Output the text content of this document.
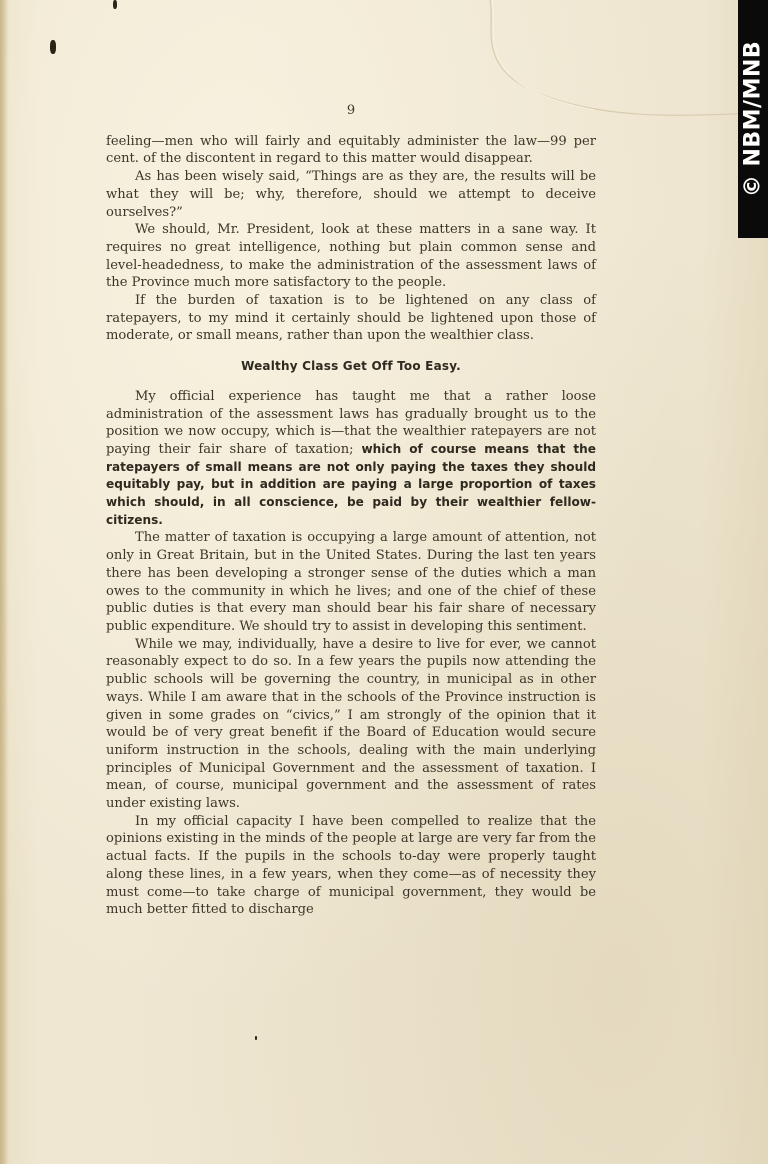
© NBM/MNB
9

feeling—men who will fairly and equitably administer the law—99 per cent. of the discontent in regard to this matter would disappear.

As has been wisely said, “Things are as they are, the results will be what they will be; why, therefore, should we attempt to deceive ourselves?”

We should, Mr. President, look at these matters in a sane way. It requires no great intelligence, nothing but plain common sense and level-headedness, to make the administration of the assessment laws of the Province much more satisfactory to the people.

If the burden of taxation is to be lightened on any class of ratepayers, to my mind it certainly should be lightened upon those of moderate, or small means, rather than upon the wealthier class.

Wealthy Class Get Off Too Easy.

My official experience has taught me that a rather loose administration of the assessment laws has gradually brought us to the position we now occupy, which is—that the wealthier ratepayers are not paying their fair share of taxation; which of course means that the ratepayers of small means are not only paying the taxes they should equitably pay, but in addition are paying a large proportion of taxes which should, in all conscience, be paid by their wealthier fellow-citizens.

The matter of taxation is occupying a large amount of attention, not only in Great Britain, but in the United States. During the last ten years there has been developing a stronger sense of the duties which a man owes to the community in which he lives; and one of the chief of these public duties is that every man should bear his fair share of necessary public expenditure. We should try to assist in developing this sentiment.

While we may, individually, have a desire to live for ever, we cannot reasonably expect to do so. In a few years the pupils now attending the public schools will be governing the country, in municipal as in other ways. While I am aware that in the schools of the Province instruction is given in some grades on “civics,” I am strongly of the opinion that it would be of very great benefit if the Board of Education would secure uniform instruction in the schools, dealing with the main underlying principles of Municipal Government and the assessment of taxation. I mean, of course, municipal government and the assessment of rates under existing laws.

In my official capacity I have been compelled to realize that the opinions existing in the minds of the people at large are very far from the actual facts. If the pupils in the schools to-day were properly taught along these lines, in a few years, when they come—as of necessity they must come—to take charge of municipal government, they would be much better fitted to discharge
